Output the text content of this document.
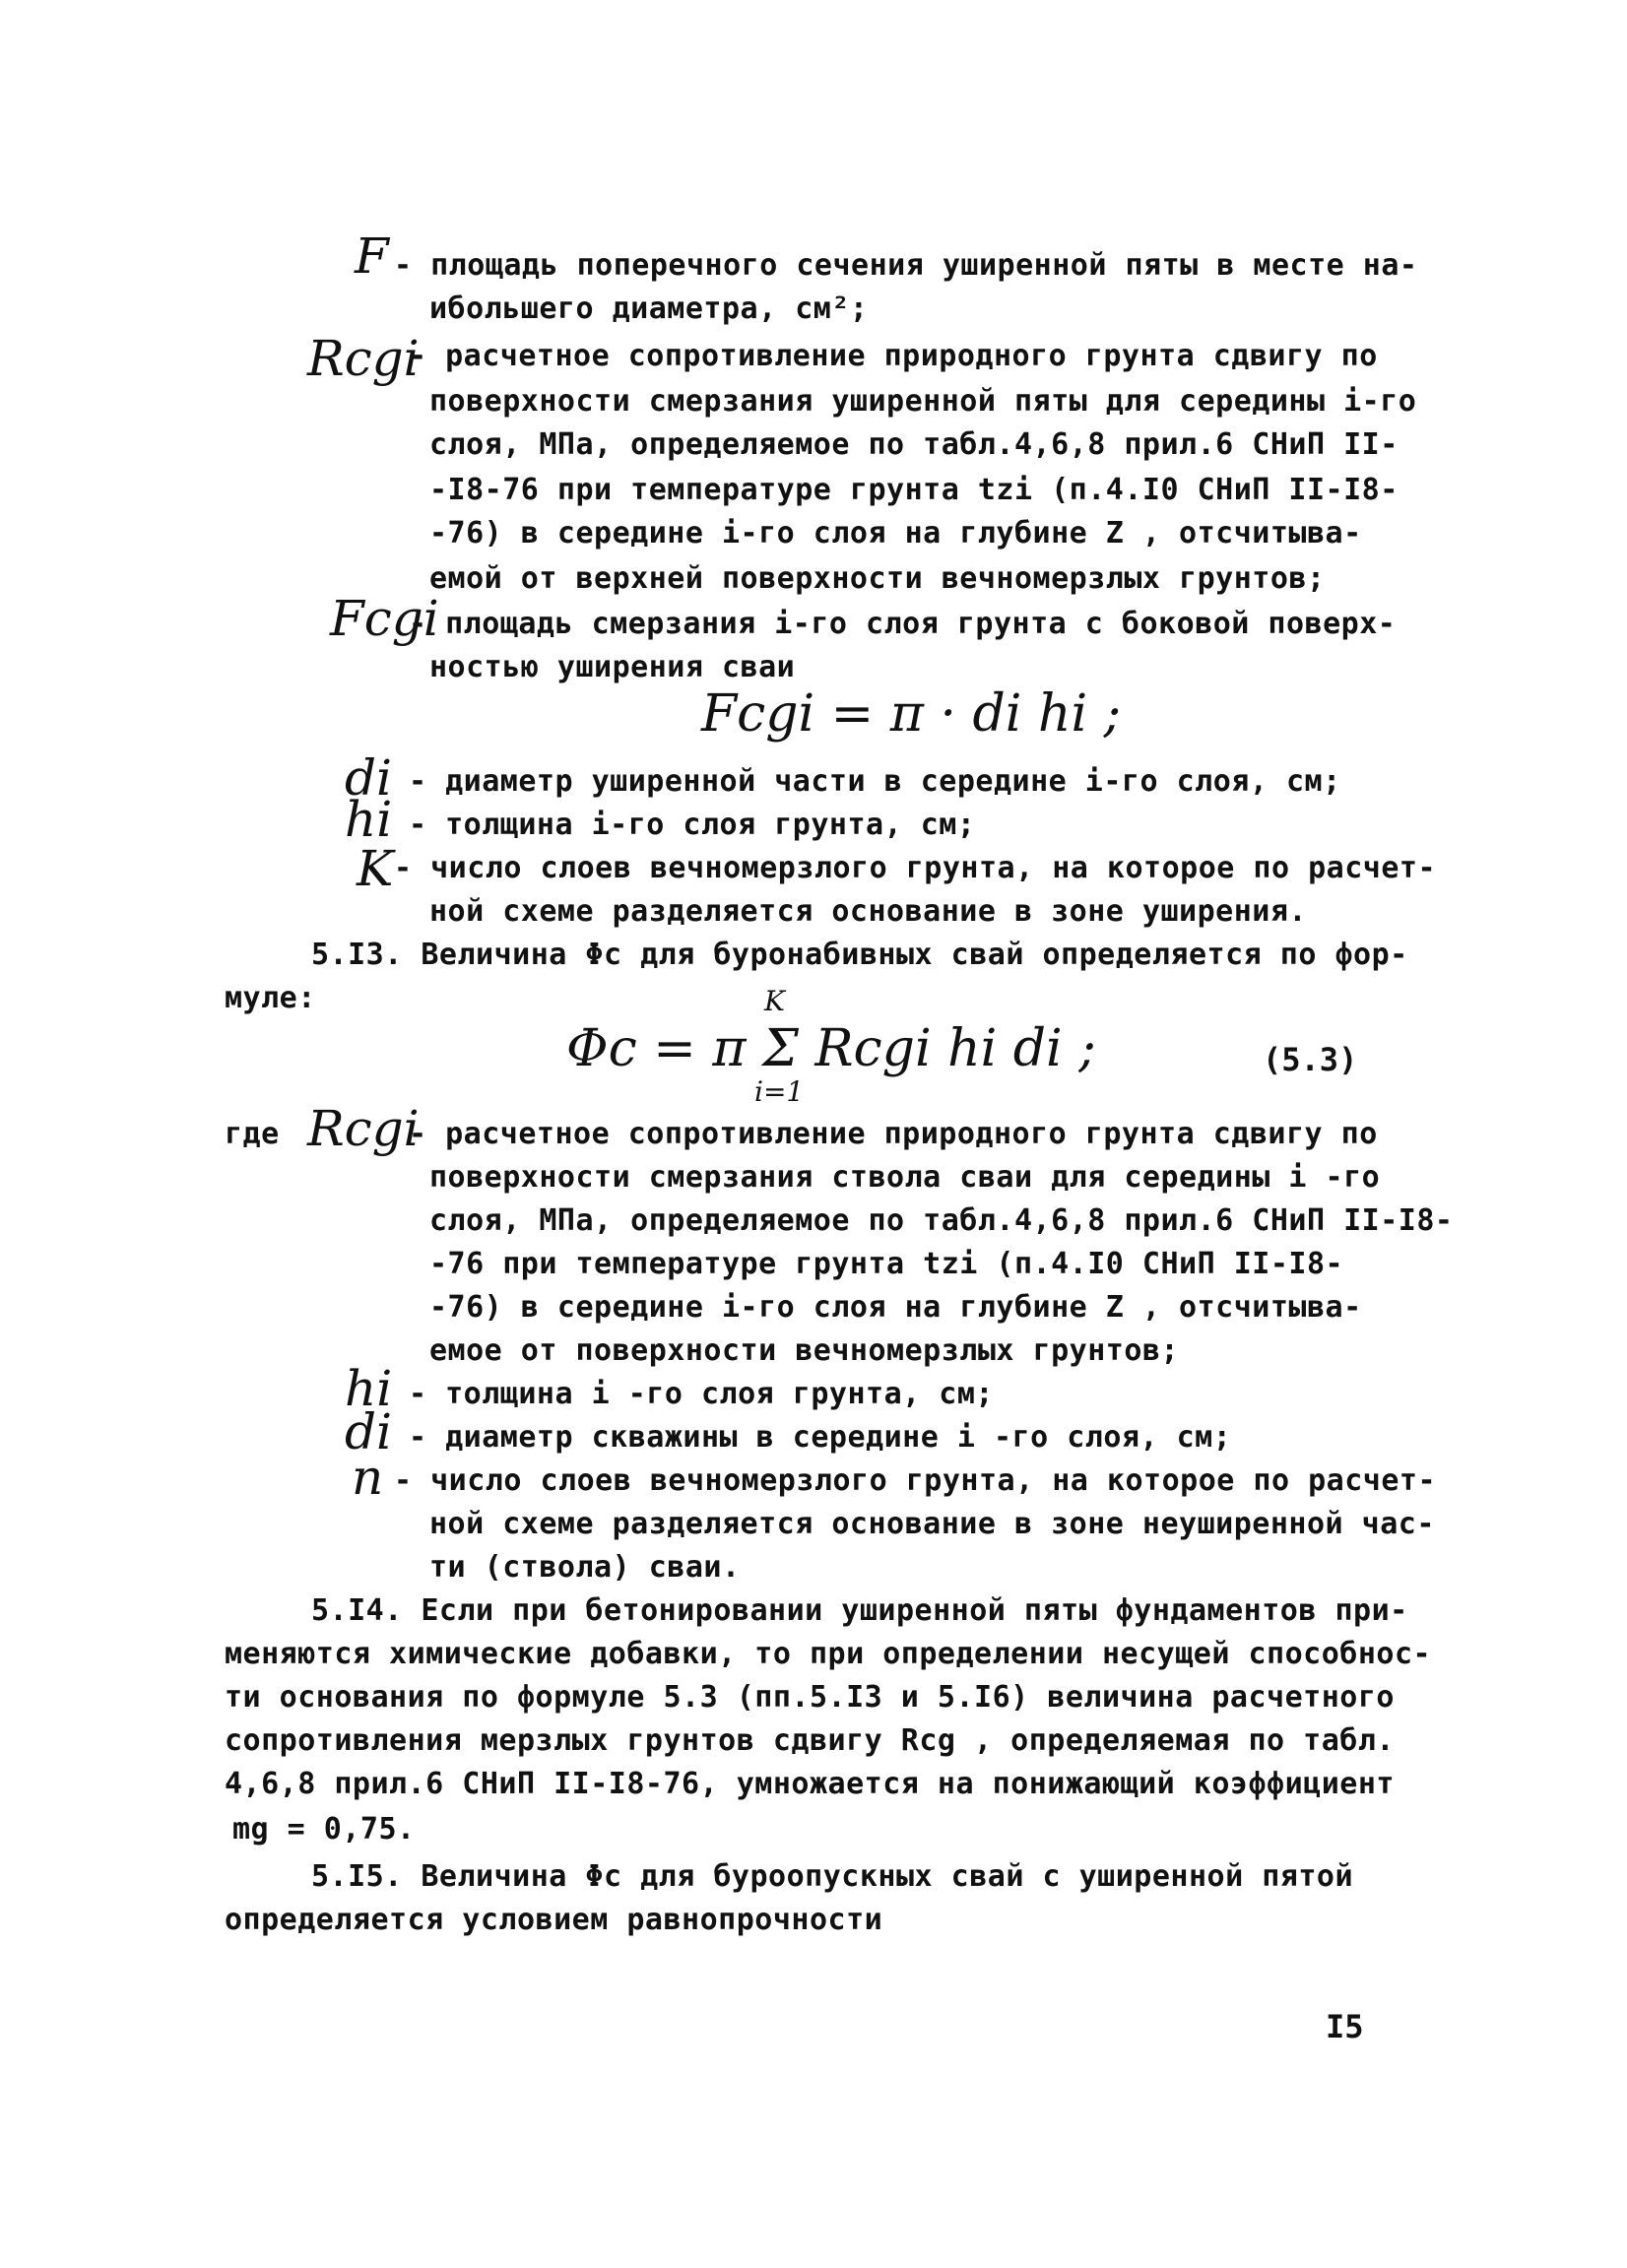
F - площадь поперечного сечения уширенной пяты в месте на-
ибольшего диаметра, см²;
Rcgi
- расчетное сопротивление природного грунта сдвигу по
поверхности смерзания уширенной пяты для середины i-го
слоя, МПа, определяемое по табл.4,6,8 прил.6 СНиП II-
-I8-76 при температуре грунта tzi (п.4.I0 СНиП II-I8-
-76) в середине i-го слоя на глубине Z , отсчитыва-
емой от верхней поверхности вечномерзлых грунтов;
Fcgi
- площадь смерзания i-го слоя грунта с боковой поверх-
ностью уширения сваи
Fcgi = π · di hi ;
di - диаметр уширенной части в середине i-го слоя, см;
hi - толщина i-го слоя грунта, см;
K - число слоев вечномерзлого грунта, на которое по расчет-
ной схеме разделяется основание в зоне уширения.
5.I3. Величина Φc для буронабивных свай определяется по фор-
муле:	K
Φc = π Σ Rcgi hi di ;
i=1
(5.3)
где Rcgi
- расчетное сопротивление природного грунта сдвигу по
поверхности смерзания ствола сваи для середины i -го
слоя, МПа, определяемое по табл.4,6,8 прил.6 СНиП II-I8-
-76 при температуре грунта tzi (п.4.I0 СНиП II-I8-
-76) в середине i-го слоя на глубине Z , отсчитыва-
емое от поверхности вечномерзлых грунтов;
hi - толщина i -го слоя грунта, см;
di - диаметр скважины в середине i -го слоя, см;
n - число слоев вечномерзлого грунта, на которое по расчет-
ной схеме разделяется основание в зоне неуширенной час-
ти (ствола) сваи.
5.I4. Если при бетонировании уширенной пяты фундаментов при-
меняются химические добавки, то при определении несущей способнос-
ти основания по формуле 5.3 (пп.5.I3 и 5.I6) величина расчетного
сопротивления мерзлых грунтов сдвигу Rcg , определяемая по табл.
4,6,8 прил.6 СНиП II-I8-76, умножается на понижающий коэффициент
mg = 0,75.
5.I5. Величина Φc для буроопускных свай с уширенной пятой
определяется условием равнопрочности
I5
